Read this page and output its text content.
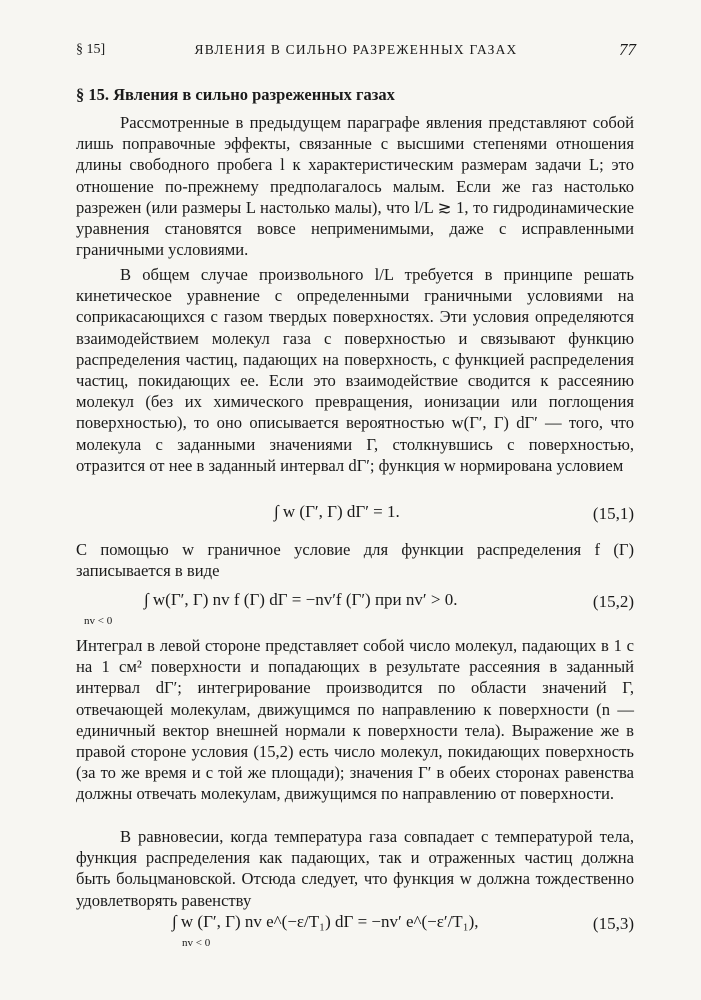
§ 15]	ЯВЛЕНИЯ В СИЛЬНО РАЗРЕЖЕННЫХ ГАЗАХ	77
§ 15. Явления в сильно разреженных газах

Рассмотренные в предыдущем параграфе явления представляют собой лишь поправочные эффекты, связанные с высшими степенями отношения длины свободного пробега l к характеристическим размерам задачи L; это отношение по-прежнему предполагалось малым. Если же газ настолько разрежен (или размеры L настолько малы), что l/L ≳ 1, то гидродинамические уравнения становятся вовсе неприменимыми, даже с исправленными граничными условиями.

В общем случае произвольного l/L требуется в принципе решать кинетическое уравнение с определенными граничными условиями на соприкасающихся с газом твердых поверхностях. Эти условия определяются взаимодействием молекул газа с поверхностью и связывают функцию распределения частиц, падающих на поверхность, с функцией распределения частиц, покидающих ее. Если это взаимодействие сводится к рассеянию молекул (без их химического превращения, ионизации или поглощения поверхностью), то оно описывается вероятностью w(Γ′, Γ) dΓ′ — того, что молекула с заданными значениями Γ, столкнувшись с поверхностью, отразится от нее в заданный интервал dΓ′; функция w нормирована условием

∫ w (Γ′, Γ) dΓ′ = 1.	(15,1)

С помощью w граничное условие для функции распределения f (Γ) записывается в виде

∫ w(Γ′, Γ) nv f (Γ) dΓ = −nv′f (Γ′) при nv′ > 0.
nv < 0
(15,2)

Интеграл в левой стороне представляет собой число молекул, падающих в 1 с на 1 см² поверхности и попадающих в результате рассеяния в заданный интервал dΓ′; интегрирование производится по области значений Γ, отвечающей молекулам, движущимся по направлению к поверхности (n — единичный вектор внешней нормали к поверхности тела). Выражение же в правой стороне условия (15,2) есть число молекул, покидающих поверхность (за то же время и с той же площади); значения Γ′ в обеих сторонах равенства должны отвечать молекулам, движущимся по направлению от поверхности.

В равновесии, когда температура газа совпадает с температурой тела, функция распределения как падающих, так и отраженных частиц должна быть больцмановской. Отсюда следует, что функция w должна тождественно удовлетворять равенству

∫ w (Γ′, Γ) nv e^(−ε/T₁) dΓ = −nv′ e^(−ε′/T₁),
nv < 0
(15,3)
